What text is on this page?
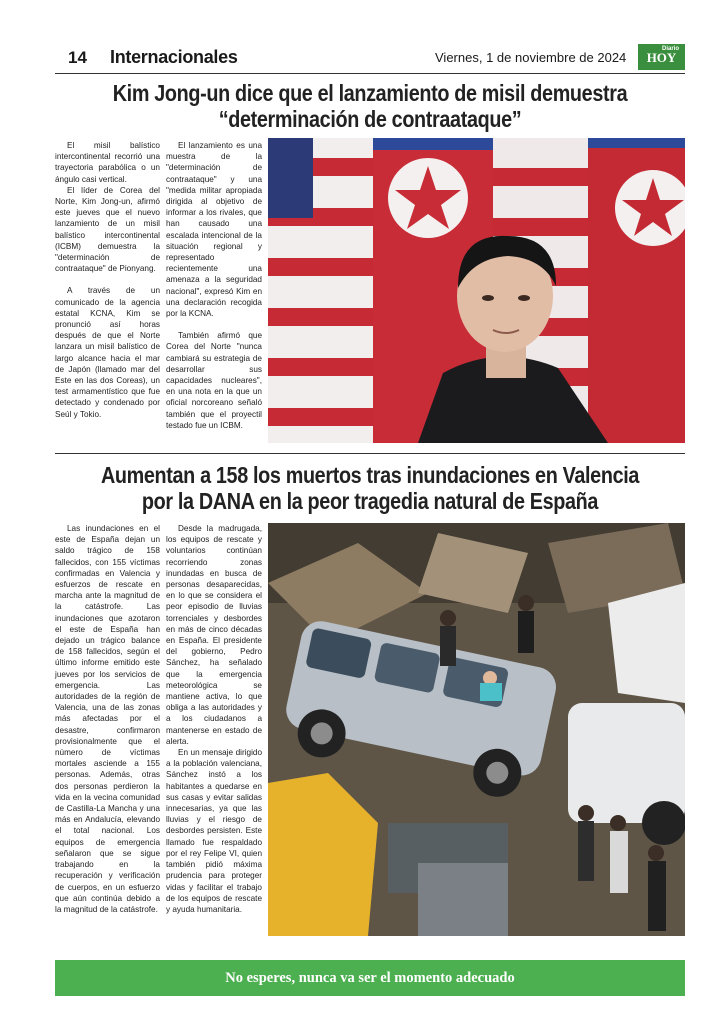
14 Internacionales	Viernes, 1 de noviembre de 2024
Diario
HOY
Kim Jong-un dice que el lanzamiento de misil demuestra “determinación de contraataque”

El misil balístico intercontinental recorrió una trayectoria parabólica o un ángulo casi vertical.

El líder de Corea del Norte, Kim Jong-un, afirmó este jueves que el nuevo lanzamiento de un misil balístico intercontinental (ICBM) demuestra la "determinación de contraataque" de Pionyang.

A través de un comunicado de la agencia estatal KCNA, Kim se pronunció así horas después de que el Norte lanzara un misil balístico de largo alcance hacia el mar de Japón (llamado mar del Este en las dos Coreas), un test armamentístico que fue detectado y condenado por Seúl y Tokio.

El lanzamiento es una muestra de la "determinación de contraataque" y una "medida militar apropiada dirigida al objetivo de informar a los rivales, que han causado una escalada intencional de la situación regional y representado recientemente una amenaza a la seguridad nacional", expresó Kim en una declaración recogida por la KCNA.

También afirmó que Corea del Norte "nunca cambiará su estrategia de desarrollar sus capacidades nucleares", en una nota en la que un oficial norcoreano señaló también que el proyectil testado fue un ICBM.

Aumentan a 158 los muertos tras inundaciones en Valencia por la DANA en la peor tragedia natural de España

Las inundaciones en el este de España dejan un saldo trágico de 158 fallecidos, con 155 víctimas confirmadas en Valencia y esfuerzos de rescate en marcha ante la magnitud de la catástrofe. Las inundaciones que azotaron el este de España han dejado un trágico balance de 158 fallecidos, según el último informe emitido este jueves por los servicios de emergencia. Las autoridades de la región de Valencia, una de las zonas más afectadas por el desastre, confirmaron provisionalmente que el número de víctimas mortales asciende a 155 personas. Además, otras dos personas perdieron la vida en la vecina comunidad de Castilla-La Mancha y una más en Andalucía, elevando el total nacional. Los equipos de emergencia señalaron que se sigue trabajando en la recuperación y verificación de cuerpos, en un esfuerzo que aún continúa debido a la magnitud de la catástrofe.

Desde la madrugada, los equipos de rescate y voluntarios continúan recorriendo zonas inundadas en busca de personas desaparecidas, en lo que se considera el peor episodio de lluvias torrenciales y desbordes en más de cinco décadas en España. El presidente del gobierno, Pedro Sánchez, ha señalado que la emergencia meteorológica se mantiene activa, lo que obliga a las autoridades y a los ciudadanos a mantenerse en estado de alerta.

En un mensaje dirigido a la población valenciana, Sánchez instó a los habitantes a quedarse en sus casas y evitar salidas innecesarias, ya que las lluvias y el riesgo de desbordes persisten. Este llamado fue respaldado por el rey Felipe VI, quien también pidió máxima prudencia para proteger vidas y facilitar el trabajo de los equipos de rescate y ayuda humanitaria.

No esperes, nunca va ser el momento adecuado
